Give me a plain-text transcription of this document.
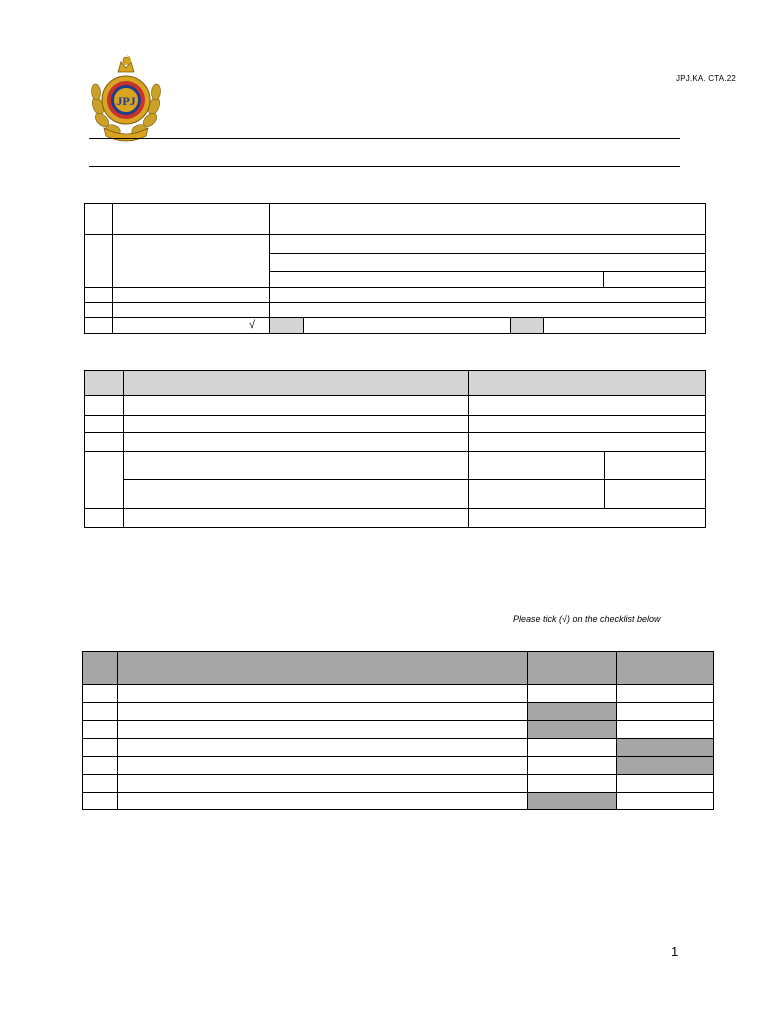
JPJ
JPJ.KA. CTA.22

	√					

Please tick (√) on the checklist below

1
